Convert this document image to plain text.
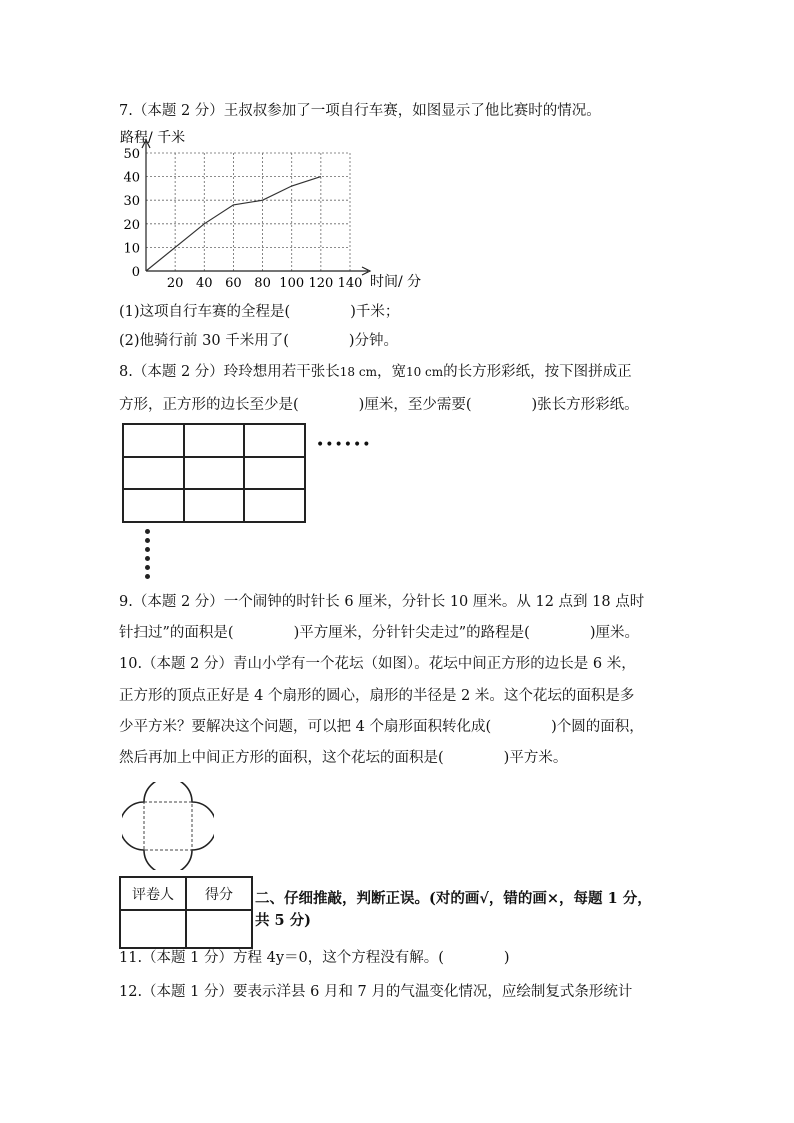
7.（本题 2 分）王叔叔参加了一项自行车赛，如图显示了他比赛时的情况。
路程/ 千米
20 40 60 80 100 120 140
0
10
20
30
40
50
时间/ 分
(1)这项自行车赛的全程是(	)千米；
(2)他骑行前 30 千米用了(	)分钟。
8.（本题 2 分）玲玲想用若干张长18 cm，宽10 cm的长方形彩纸，按下图拼成正
方形，正方形的边长至少是(	)厘米，至少需要(	)张长方形彩纸。

••••••
9.（本题 2 分）一个闹钟的时针长 6 厘米，分针长 10 厘米。从 12 点到 18 点时
针扫过”的面积是(	)平方厘米，分针针尖走过”的路程是(	)厘米。
10.（本题 2 分）青山小学有一个花坛（如图）。花坛中间正方形的边长是 6 米，
正方形的顶点正好是 4 个扇形的圆心，扇形的半径是 2 米。这个花坛的面积是多
少平方米？要解决这个问题，可以把 4 个扇形面积转化成(	)个圆的面积，
然后再加上中间正方形的面积，这个花坛的面积是(	)平方米。
评卷人	得分
	二、仔细推敲，判断正误。(对的画√，错的画×，每题 1 分，
共 5 分)
11.（本题 1 分）方程 4y＝0，这个方程没有解。(	)
12.（本题 1 分）要表示洋县 6 月和 7 月的气温变化情况，应绘制复式条形统计
